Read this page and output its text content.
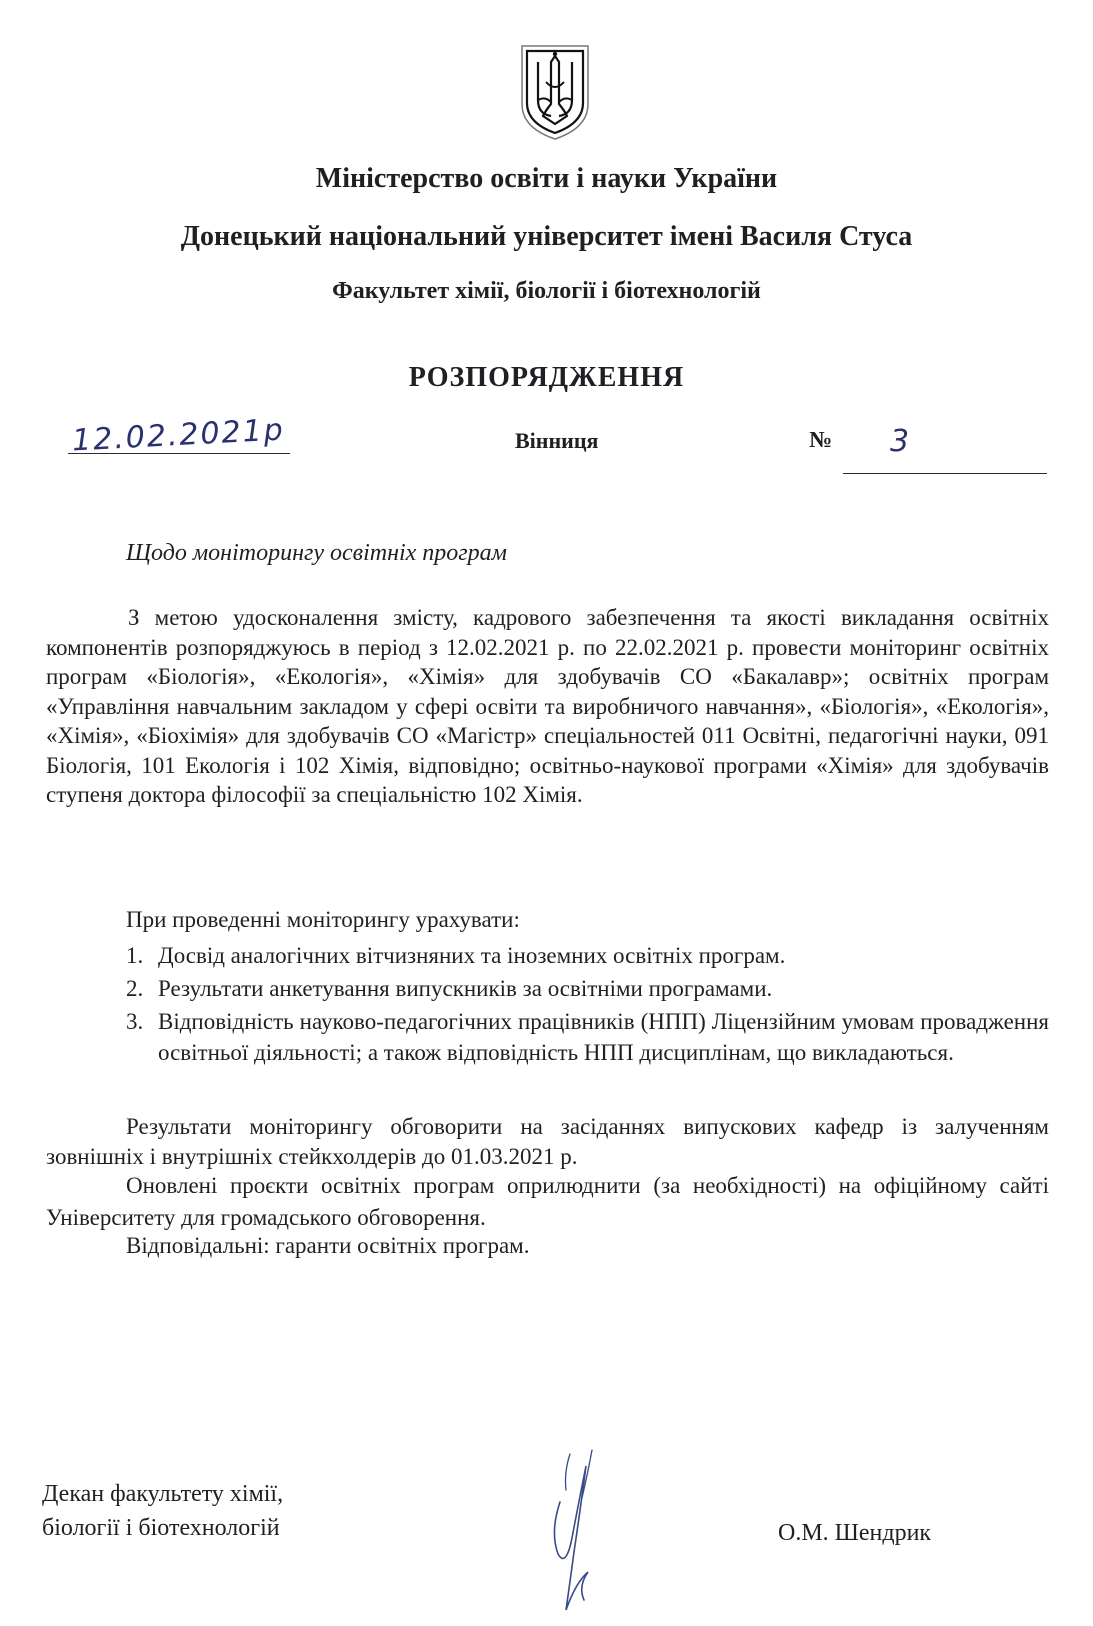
Міністерство освіти і науки України
Донецький національний університет імені Василя Стуса
Факультет хімії, біології і біотехнологій
РОЗПОРЯДЖЕННЯ
12.02.2021р	Вінниця	№ 3
Щодо моніторингу освітніх програм

З метою удосконалення змісту, кадрового забезпечення та якості викладання освітніх компонентів розпоряджуюсь в період з 12.02.2021 р. по 22.02.2021 р. провести моніторинг освітніх програм «Біологія», «Екологія», «Хімія» для здобувачів СО «Бакалавр»; освітніх програм «Управління навчальним закладом у сфері освіти та виробничого навчання», «Біологія», «Екологія», «Хімія», «Біохімія» для здобувачів СО «Магістр» спеціальностей 011 Освітні, педагогічні науки, 091 Біологія, 101 Екологія і 102 Хімія, відповідно; освітньо-наукової програми «Хімія» для здобувачів ступеня доктора філософії за спеціальністю 102 Хімія.

При проведенні моніторингу урахувати:
1. Досвід аналогічних вітчизняних та іноземних освітніх програм.
2. Результати анкетування випускників за освітніми програмами.
3. Відповідність науково-педагогічних працівників (НПП) Ліцензійним умовам провадження освітньої діяльності; а також відповідність НПП дисциплінам, що викладаються.

Результати моніторингу обговорити на засіданнях випускових кафедр із залученням зовнішніх і внутрішніх стейкхолдерів до 01.03.2021 р.

Оновлені проєкти освітніх програм оприлюднити (за необхідності) на офіційному сайті Університету для громадського обговорення.

Відповідальні: гаранти освітніх програм.
Декан факультету хімії,
біології і біотехнологій	О.М. Шендрик
